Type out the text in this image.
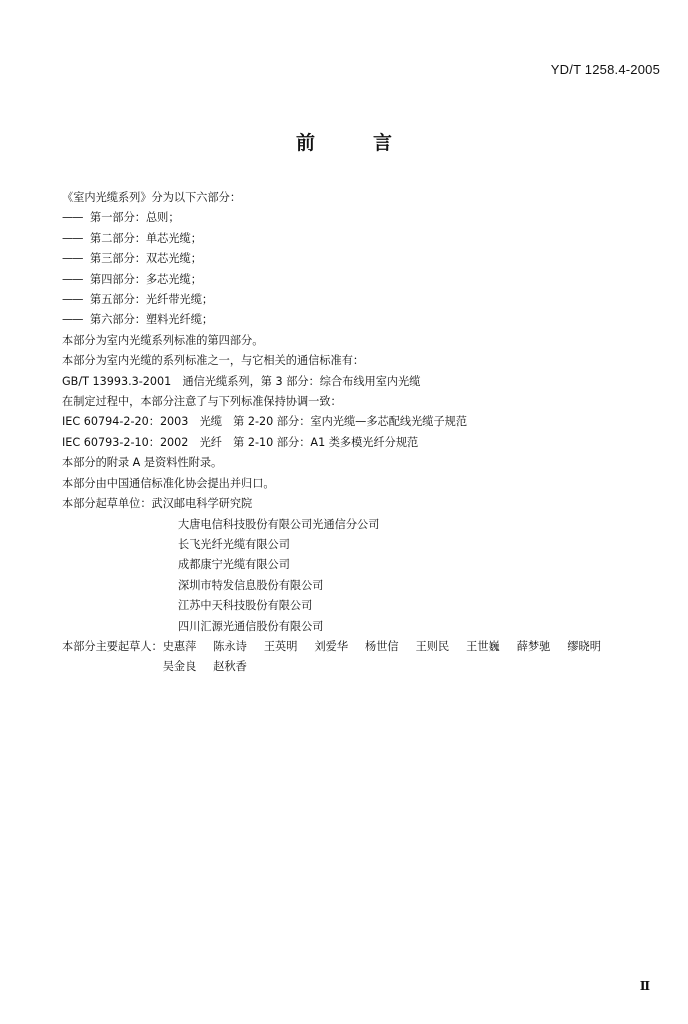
YD/T 1258.4-2005
前	言
《室内光缆系列》分为以下六部分：
—— 第一部分：总则；
—— 第二部分：单芯光缆；
—— 第三部分：双芯光缆；
—— 第四部分：多芯光缆；
—— 第五部分：光纤带光缆；
—— 第六部分：塑料光纤缆；
本部分为室内光缆系列标准的第四部分。
本部分为室内光缆的系列标准之一，与它相关的通信标准有：
GB/T 13993.3-2001　通信光缆系列，第 3 部分：综合布线用室内光缆
在制定过程中，本部分注意了与下列标准保持协调一致：
IEC 60794-2-20：2003　光缆　第 2-20 部分：室内光缆—多芯配线光缆子规范
IEC 60793-2-10：2002　光纤　第 2-10 部分：A1 类多模光纤分规范
本部分的附录 A 是资料性附录。
本部分由中国通信标准化协会提出并归口。
本部分起草单位：武汉邮电科学研究院
大唐电信科技股份有限公司光通信分公司
长飞光纤光缆有限公司
成都康宁光缆有限公司
深圳市特发信息股份有限公司
江苏中天科技股份有限公司
四川汇源光通信股份有限公司
本部分主要起草人： 史惠萍 陈永诗 王英明 刘爱华 杨世信 王则民 王世巍 薛梦驰 缪晓明
吴金良 赵秋香
Ⅱ
